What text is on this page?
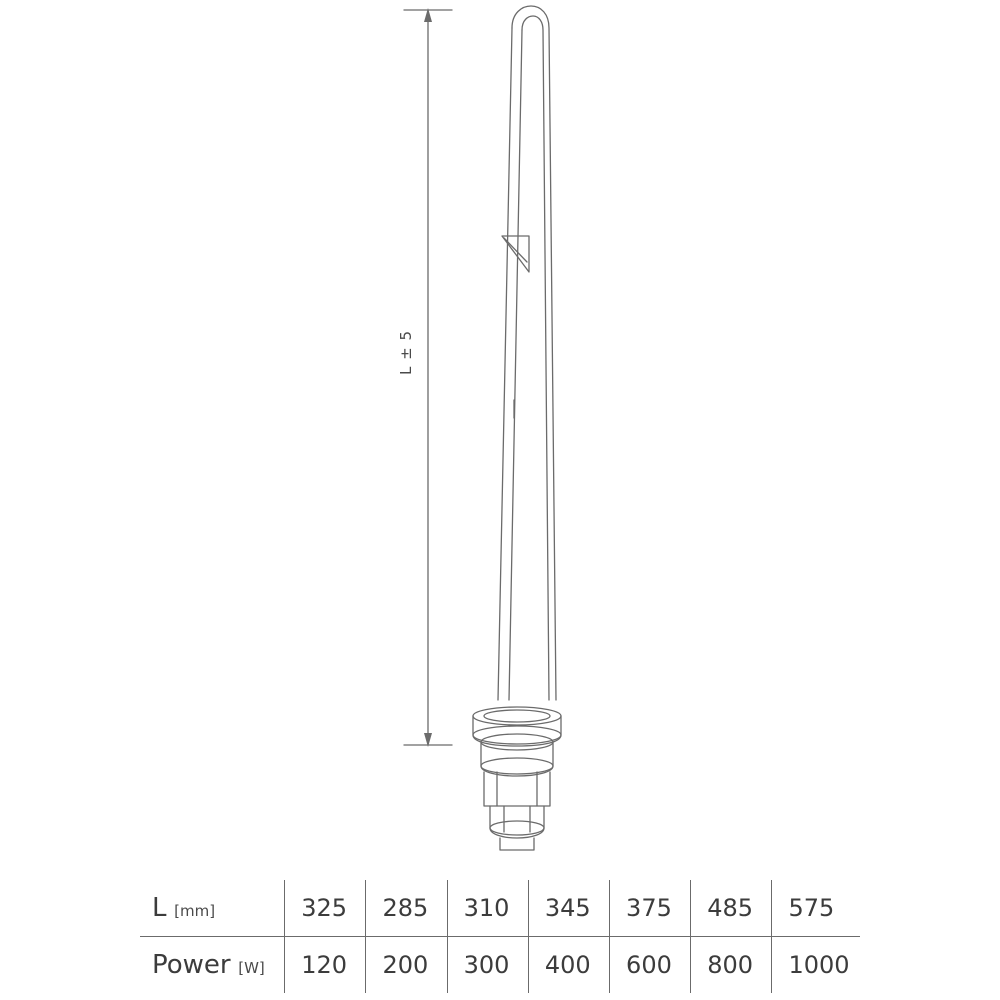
L ± 5
L [mm]	325	285	310	345	375	485	575
Power [W]	120	200	300	400	600	800	1000
